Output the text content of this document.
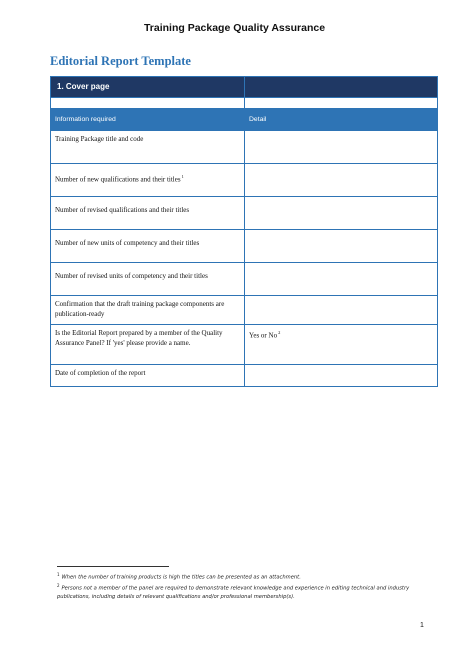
Training Package Quality Assurance
Editorial Report Template
1. Cover page	

Information required	Detail
Training Package title and code	
Number of new qualifications and their titles$^1$	
Number of revised qualifications and their titles	
Number of new units of competency and their titles	
Number of revised units of competency and their titles	
Confirmation that the draft training package components are publication-ready	
Is the Editorial Report prepared by a member of the Quality Assurance Panel? If 'yes' please provide a name.	Yes or No$^2$
Date of completion of the report	
$^1$When the number of training products is high the titles can be presented as an attachment.
$^2$Persons not a member of the panel are required to demonstrate relevant knowledge and experience in editing technical and industry publications, including details of relevant qualifications and/or professional membership(s).
1
